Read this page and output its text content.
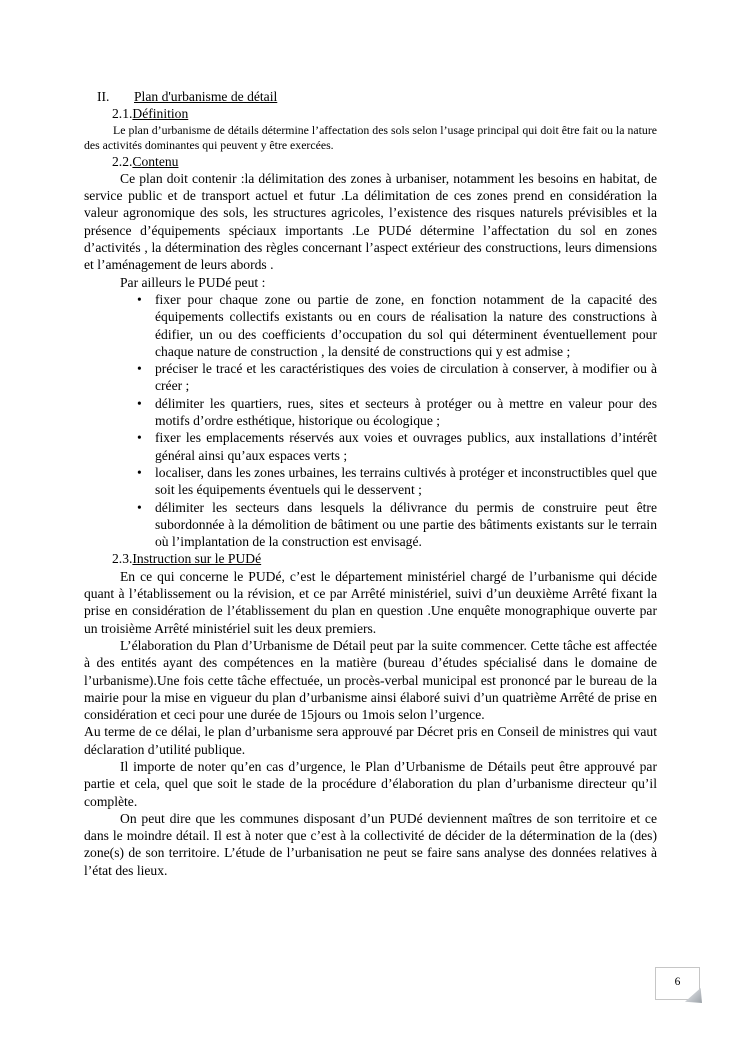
II. Plan d'urbanisme de détail
2.1.Définition

Le plan d’urbanisme de détails détermine l’affectation des sols selon l’usage principal qui doit être fait ou la nature des activités dominantes qui peuvent y être exercées.

2.2.Contenu

Ce plan doit contenir :la délimitation des zones à urbaniser, notamment les besoins en habitat, de service public et de transport actuel et futur .La délimitation de ces zones prend en considération la valeur agronomique des sols, les structures agricoles, l’existence des risques naturels prévisibles et la présence d’équipements spéciaux importants .Le PUDé détermine l’affectation du sol en zones d’activités , la détermination des règles concernant l’aspect extérieur des constructions, leurs dimensions et l’aménagement de leurs abords .

Par ailleurs le PUDé peut :

• fixer pour chaque zone ou partie de zone, en fonction notamment de la capacité des équipements collectifs existants ou en cours de réalisation la nature des constructions à édifier, un ou des coefficients d’occupation du sol qui déterminent éventuellement pour chaque nature de construction , la densité de constructions qui y est admise ;
• préciser le tracé et les caractéristiques des voies de circulation à conserver, à modifier ou à créer ;
• délimiter les quartiers, rues, sites et secteurs à protéger ou à mettre en valeur pour des motifs d’ordre esthétique, historique ou écologique ;
• fixer les emplacements réservés aux voies et ouvrages publics, aux installations d’intérêt général ainsi qu’aux espaces verts ;
• localiser, dans les zones urbaines, les terrains cultivés à protéger et inconstructibles quel que soit les équipements éventuels qui le desservent ;
• délimiter les secteurs dans lesquels la délivrance du permis de construire peut être subordonnée à la démolition de bâtiment ou une partie des bâtiments existants sur le terrain où l’implantation de la construction est envisagé.
2.3.Instruction sur le PUDé

En ce qui concerne le PUDé, c’est le département ministériel chargé de l’urbanisme qui décide quant à l’établissement ou la révision, et ce par Arrêté ministériel, suivi d’un deuxième Arrêté fixant la prise en considération de l’établissement du plan en question .Une enquête monographique ouverte par un troisième Arrêté ministériel suit les deux premiers.

L’élaboration du Plan d’Urbanisme de Détail peut par la suite commencer. Cette tâche est affectée à des entités ayant des compétences en la matière (bureau d’études spécialisé dans le domaine de l’urbanisme).Une fois cette tâche effectuée, un procès-verbal municipal est prononcé par le bureau de la mairie pour la mise en vigueur du plan d’urbanisme ainsi élaboré suivi d’un quatrième Arrêté de prise en considération et ceci pour une durée de 15jours ou 1mois selon l’urgence.

Au terme de ce délai, le plan d’urbanisme sera approuvé par Décret pris en Conseil de ministres qui vaut déclaration d’utilité publique.

Il importe de noter qu’en cas d’urgence, le Plan d’Urbanisme de Détails peut être approuvé par partie et cela, quel que soit le stade de la procédure d’élaboration du plan d’urbanisme directeur qu’il complète.

On peut dire que les communes disposant d’un PUDé deviennent maîtres de son territoire et ce dans le moindre détail. Il est à noter que c’est à la collectivité de décider de la détermination de la (des) zone(s) de son territoire. L’étude de l’urbanisation ne peut se faire sans analyse des données relatives à l’état des lieux.

6
